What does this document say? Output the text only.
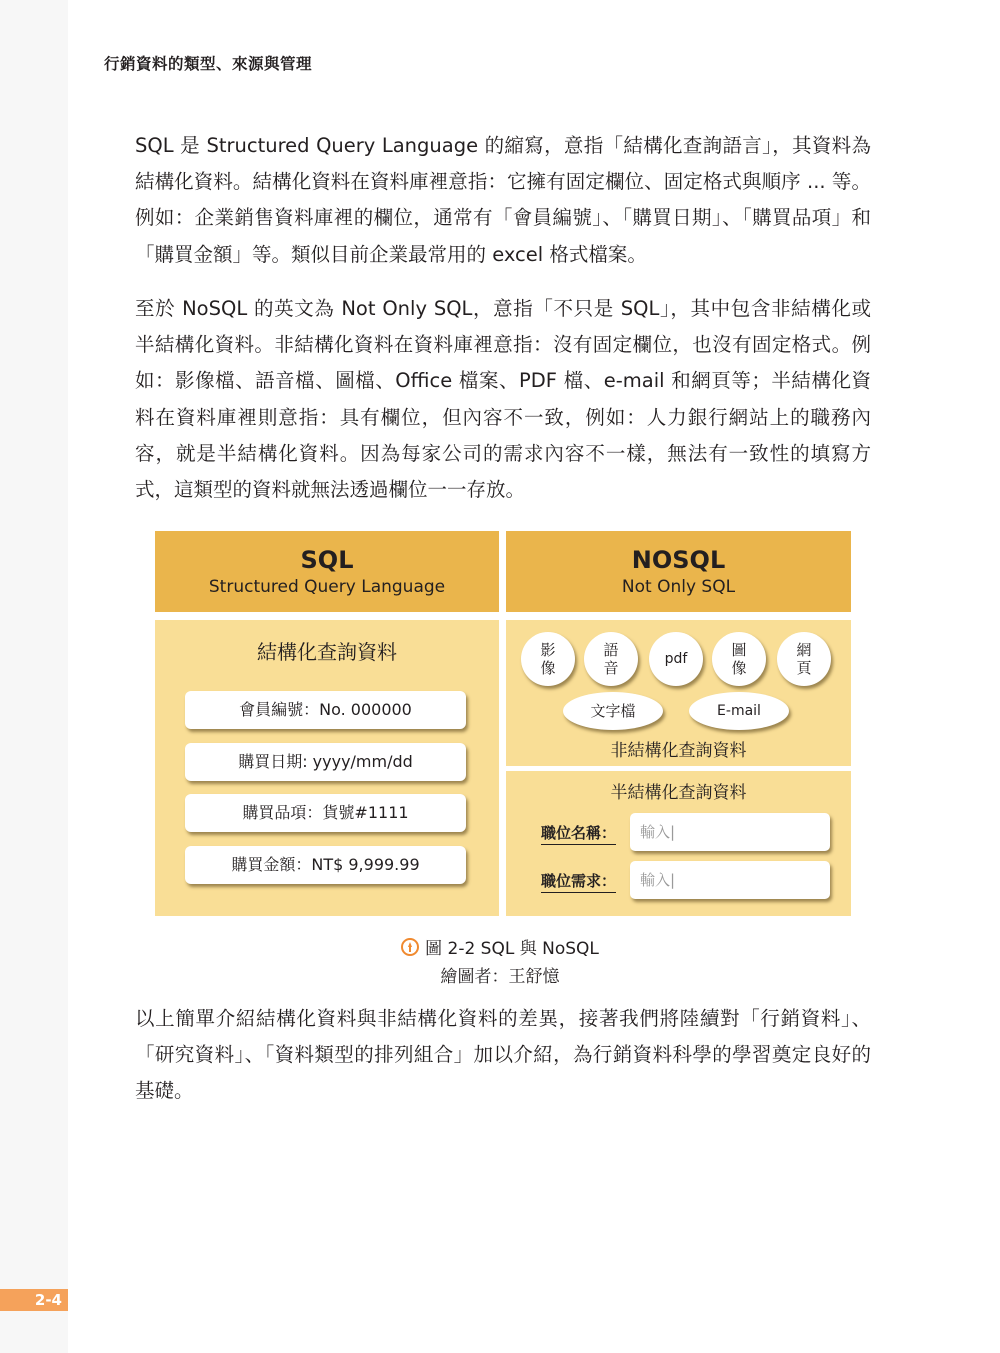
行銷資料的類型、來源與管理

SQL 是 Structured Query Language 的縮寫，意指「結構化查詢語言」，其資料為結構化資料。結構化資料在資料庫裡意指：它擁有固定欄位、固定格式與順序 ... 等。例如：企業銷售資料庫裡的欄位，通常有「會員編號」、「購買日期」、「購買品項」和「購買金額」等。類似目前企業最常用的 excel 格式檔案。

至於 NoSQL 的英文為 Not Only SQL，意指「不只是 SQL」，其中包含非結構化或半結構化資料。非結構化資料在資料庫裡意指：沒有固定欄位，也沒有固定格式。例如：影像檔、語音檔、圖檔、Office 檔案、PDF 檔、e-mail 和網頁等；半結構化資料在資料庫裡則意指：具有欄位，但內容不一致，例如：人力銀行網站上的職務內容，就是半結構化資料。因為每家公司的需求內容不一樣，無法有一致性的填寫方式，這類型的資料就無法透過欄位一一存放。

SQL
Structured Query Language
NOSQL
Not Only SQL
結構化查詢資料
會員編號：No. 000000
購買日期: yyyy/mm/dd
購買品項：貨號#1111
購買金額：NT$ 9,999.99
影像
語音	pdf	圖像
網頁
文字檔	E-mail
非結構化查詢資料
半結構化查詢資料
職位名稱：	輸入|
職位需求：	輸入|
圖 2-2 SQL 與 NoSQL
繪圖者：王舒憶

以上簡單介紹結構化資料與非結構化資料的差異，接著我們將陸續對「行銷資料」、「研究資料」、「資料類型的排列組合」加以介紹，為行銷資料科學的學習奠定良好的基礎。

2-4
